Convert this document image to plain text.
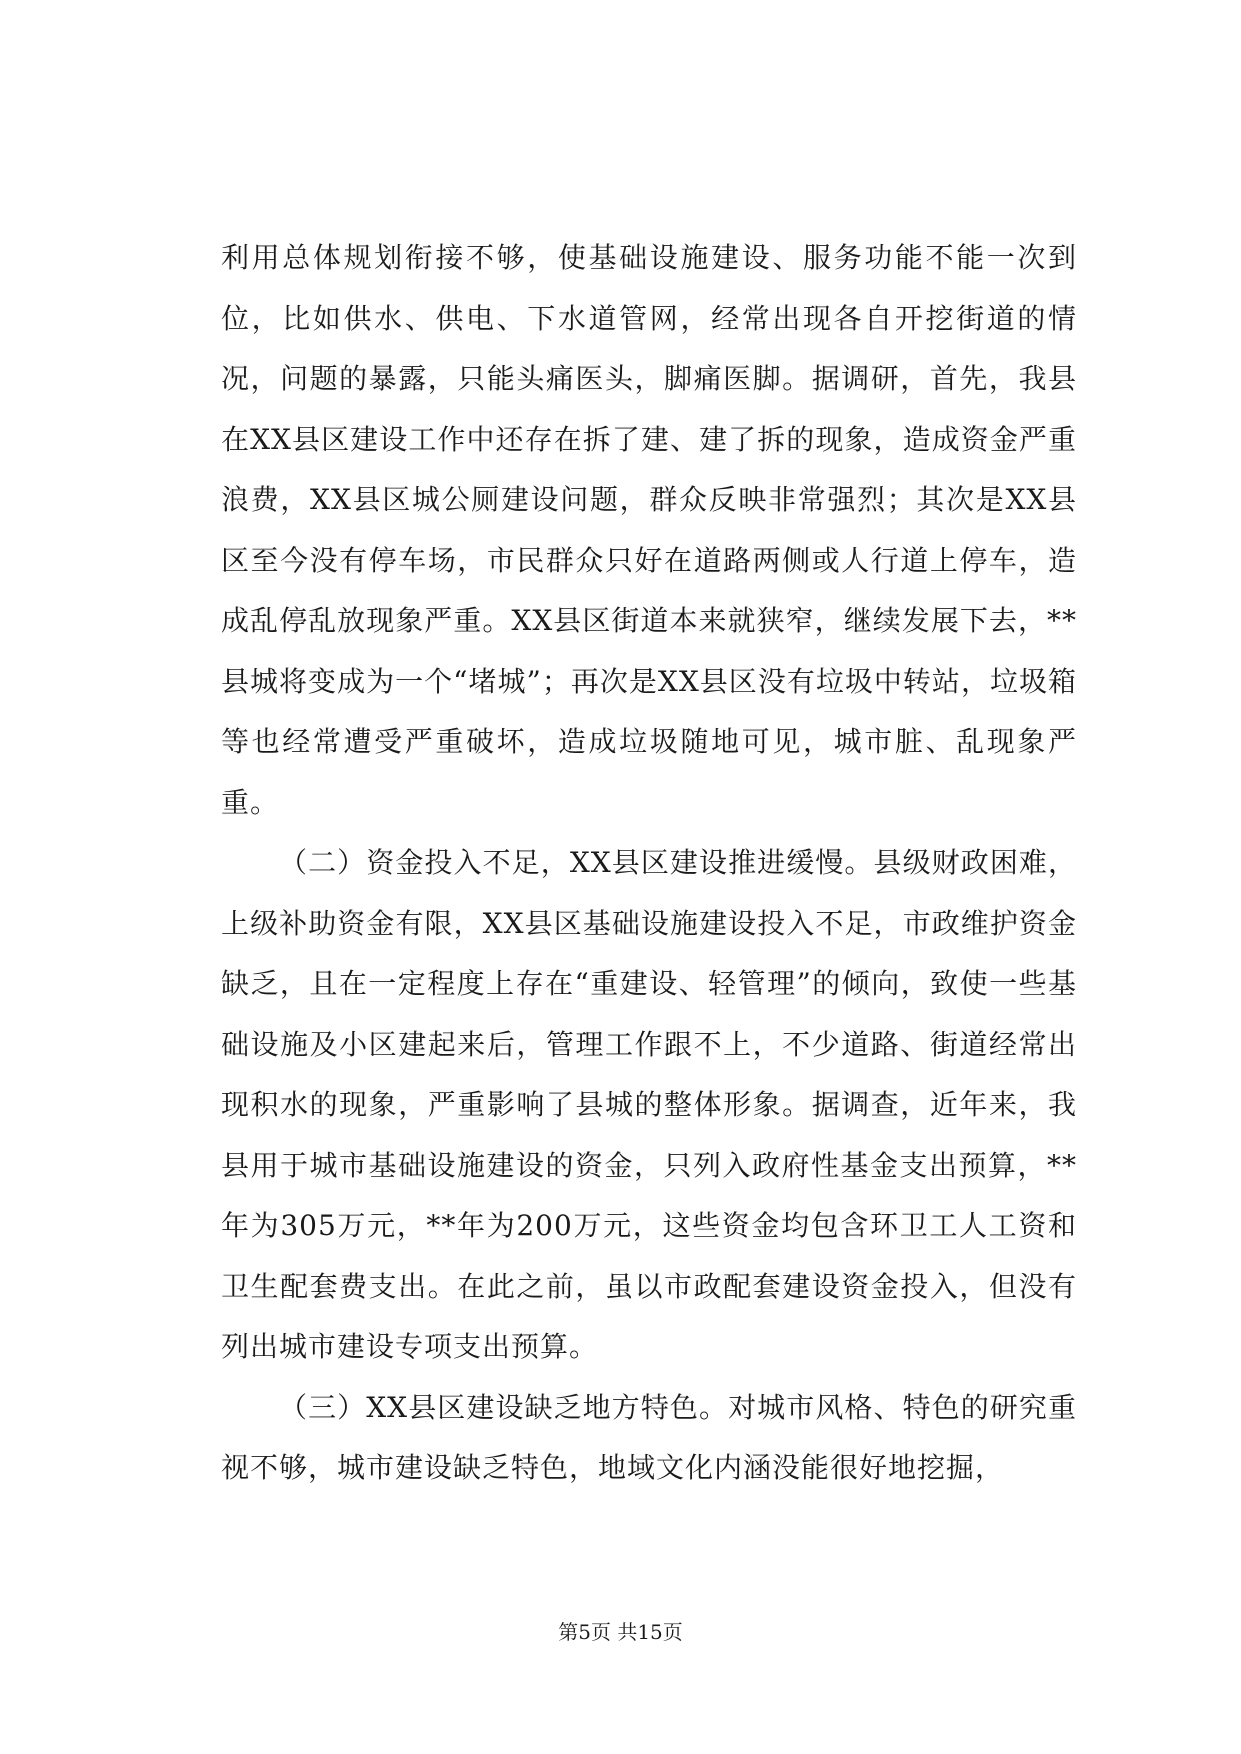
利用总体规划衔接不够，使基础设施建设、服务功能不能一次到位，比如供水、供电、下水道管网，经常出现各自开挖街道的情况，问题的暴露，只能头痛医头，脚痛医脚。据调研，首先，我县在XX县区建设工作中还存在拆了建、建了拆的现象，造成资金严重浪费，XX县区城公厕建设问题，群众反映非常强烈；其次是XX县区至今没有停车场，市民群众只好在道路两侧或人行道上停车，造成乱停乱放现象严重。XX县区街道本来就狭窄，继续发展下去，**县城将变成为一个“堵城”；再次是XX县区没有垃圾中转站，垃圾箱等也经常遭受严重破坏，造成垃圾随地可见，城市脏、乱现象严重。

（二）资金投入不足，XX县区建设推进缓慢。县级财政困难，上级补助资金有限，XX县区基础设施建设投入不足，市政维护资金缺乏，且在一定程度上存在“重建设、轻管理”的倾向，致使一些基础设施及小区建起来后，管理工作跟不上，不少道路、街道经常出现积水的现象，严重影响了县城的整体形象。据调查，近年来，我县用于城市基础设施建设的资金，只列入政府性基金支出预算，**年为305万元，**年为200万元，这些资金均包含环卫工人工资和卫生配套费支出。在此之前，虽以市政配套建设资金投入，但没有列出城市建设专项支出预算。

（三）XX县区建设缺乏地方特色。对城市风格、特色的研究重视不够，城市建设缺乏特色，地域文化内涵没能很好地挖掘，

第5页 共15页
